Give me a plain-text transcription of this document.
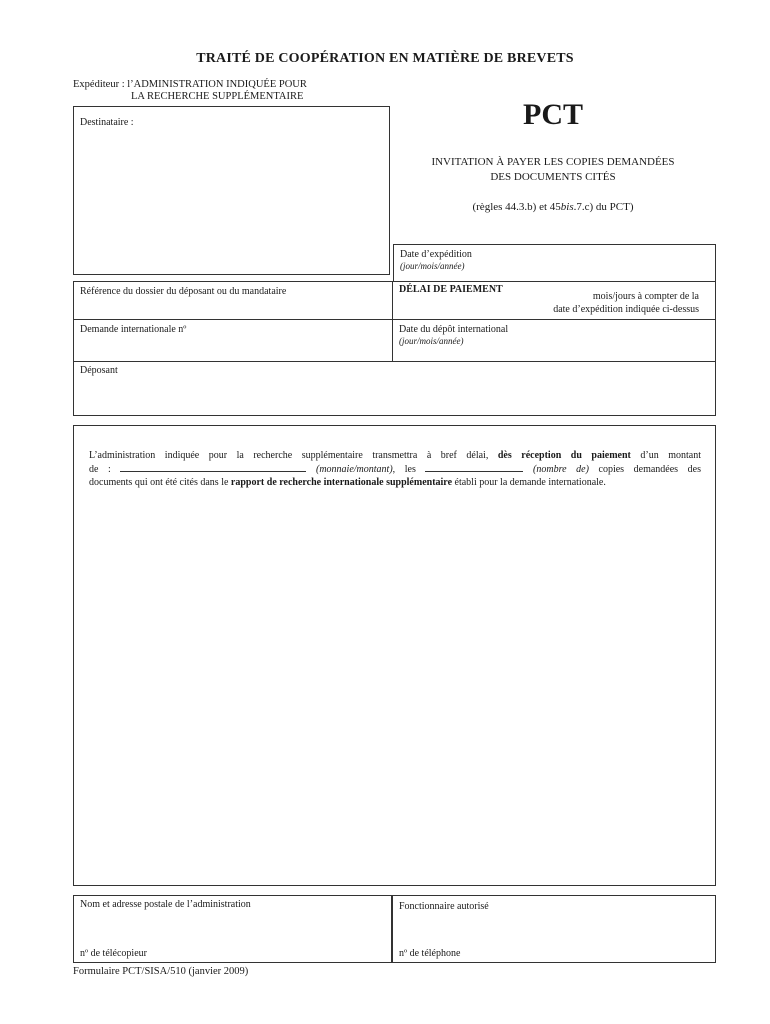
TRAITÉ DE COOPÉRATION EN MATIÈRE DE BREVETS
Expéditeur : l’ADMINISTRATION INDIQUÉE POUR
LA RECHERCHE SUPPLÉMENTAIRE
Destinataire :	PCT
INVITATION À PAYER LES COPIES DEMANDÉES
DES DOCUMENTS CITÉS
(règles 44.3.b) et 45bis.7.c) du PCT)
Date d’expédition
(jour/mois/année)
Référence du dossier du déposant ou du mandataire	DÉLAI DE PAIEMENT
mois/jours à compter de la
date d’expédition indiquée ci-dessus
Demande internationale nº	Date du dépôt international
(jour/mois/année)
Déposant
L’administration indiquée pour la recherche supplémentaire transmettra à bref délai, dès réception du paiement d’un montant
de :	(monnaie/montant), les	(nombre de) copies demandées des
documents qui ont été cités dans le rapport de recherche internationale supplémentaire établi pour la demande internationale.
Nom et adresse postale de l’administration	Fonctionnaire autorisé
nº de télécopieur	nº de téléphone
Formulaire PCT/SISA/510 (janvier 2009)
